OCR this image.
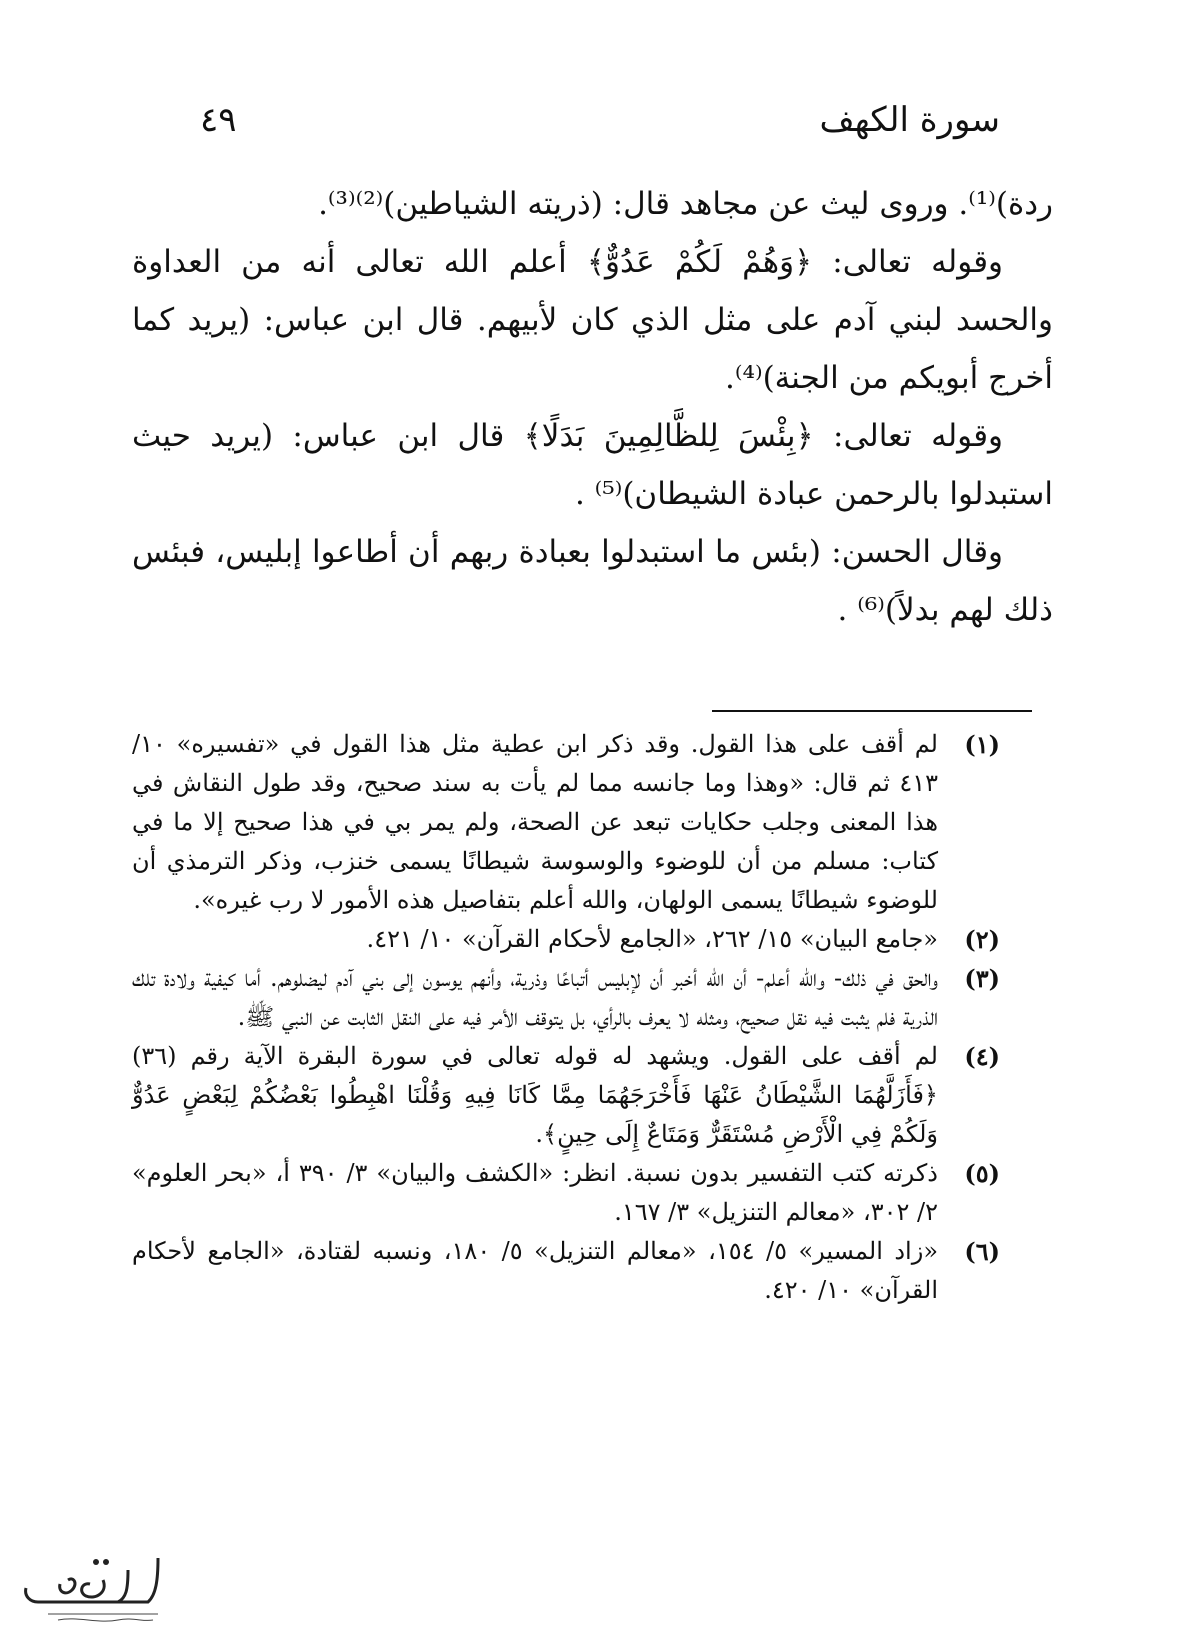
سورة الكهف
٤٩

ردة)⁽¹⁾. وروى ليث عن مجاهد قال: (ذريته الشياطين)⁽²⁾⁽³⁾.

وقوله تعالى: ﴿وَهُمْ لَكُمْ عَدُوٌّ﴾ أعلم الله تعالى أنه من العداوة والحسد لبني آدم على مثل الذي كان لأبيهم. قال ابن عباس: (يريد كما أخرج أبويكم من الجنة)⁽⁴⁾.

وقوله تعالى: ﴿بِئْسَ لِلظَّالِمِينَ بَدَلًا﴾ قال ابن عباس: (يريد حيث استبدلوا بالرحمن عبادة الشيطان)⁽⁵⁾ .

وقال الحسن: (بئس ما استبدلوا بعبادة ربهم أن أطاعوا إبليس، فبئس ذلك لهم بدلاً)⁽⁶⁾ .

(١)
لم أقف على هذا القول. وقد ذكر ابن عطية مثل هذا القول في «تفسيره» ١٠/ ٤١٣ ثم قال: «وهذا وما جانسه مما لم يأت به سند صحيح، وقد طول النقاش في هذا المعنى وجلب حكايات تبعد عن الصحة، ولم يمر بي في هذا صحيح إلا ما في كتاب: مسلم من أن للوضوء والوسوسة شيطانًا يسمى خنزب، وذكر الترمذي أن للوضوء شيطانًا يسمى الولهان، والله أعلم بتفاصيل هذه الأمور لا رب غيره».
(٢)
«جامع البيان» ١٥/ ٢٦٢، «الجامع لأحكام القرآن» ١٠/ ٤٢١.
(٣)
والحق في ذلك- والله أعلم- أن الله أخبر أن لإبليس أتباعًا وذرية، وأنهم يوسون إلى بني آدم ليضلوهم. أما كيفية ولادة تلك الذرية فلم يثبت فيه نقل صحيح، ومثله لا يعرف بالرأي، بل يتوقف الأمر فيه على النقل الثابت عن النبي ﷺ.
(٤)
لم أقف على القول. ويشهد له قوله تعالى في سورة البقرة الآية رقم (٣٦) ﴿فَأَزَلَّهُمَا الشَّيْطَانُ عَنْهَا فَأَخْرَجَهُمَا مِمَّا كَانَا فِيهِ وَقُلْنَا اهْبِطُوا بَعْضُكُمْ لِبَعْضٍ عَدُوٌّ وَلَكُمْ فِي الْأَرْضِ مُسْتَقَرٌّ وَمَتَاعٌ إِلَى حِينٍ﴾.
(٥)
ذكرته كتب التفسير بدون نسبة. انظر: «الكشف والبيان» ٣/ ٣٩٠ أ، «بحر العلوم» ٢/ ٣٠٢، «معالم التنزيل» ٣/ ١٦٧.
(٦)
«زاد المسير» ٥/ ١٥٤، «معالم التنزيل» ٥/ ١٨٠، ونسبه لقتادة، «الجامع لأحكام القرآن» ١٠/ ٤٢٠.
